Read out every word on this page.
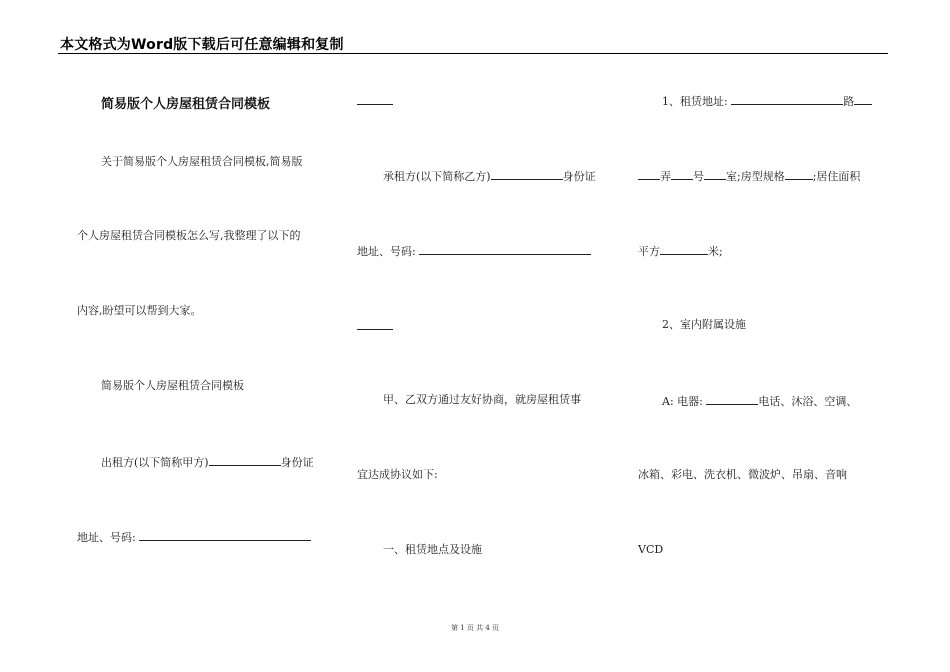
本文格式为Word版下载后可任意编辑和复制
简易版个人房屋租赁合同模板
关于简易版个人房屋租赁合同模板,简易版
个人房屋租赁合同模板怎么写,我整理了以下的
内容,盼望可以帮到大家。
简易版个人房屋租赁合同模板
出租方(以下简称甲方)	身份证
地址、号码:
承租方(以下简称乙方)	身份证
地址、号码:
甲、乙双方通过友好协商，就房屋租赁事
宜达成协议如下:
一、租赁地点及设施
1、租赁地址:	路
弄 号 室;房型规格	;居住面积
平方	米;
2、室内附属设施
A: 电器:	电话、沐浴、空调、
冰箱、彩电、洗衣机、微波炉、吊扇、音响
VCD
第 1 页 共 4 页
